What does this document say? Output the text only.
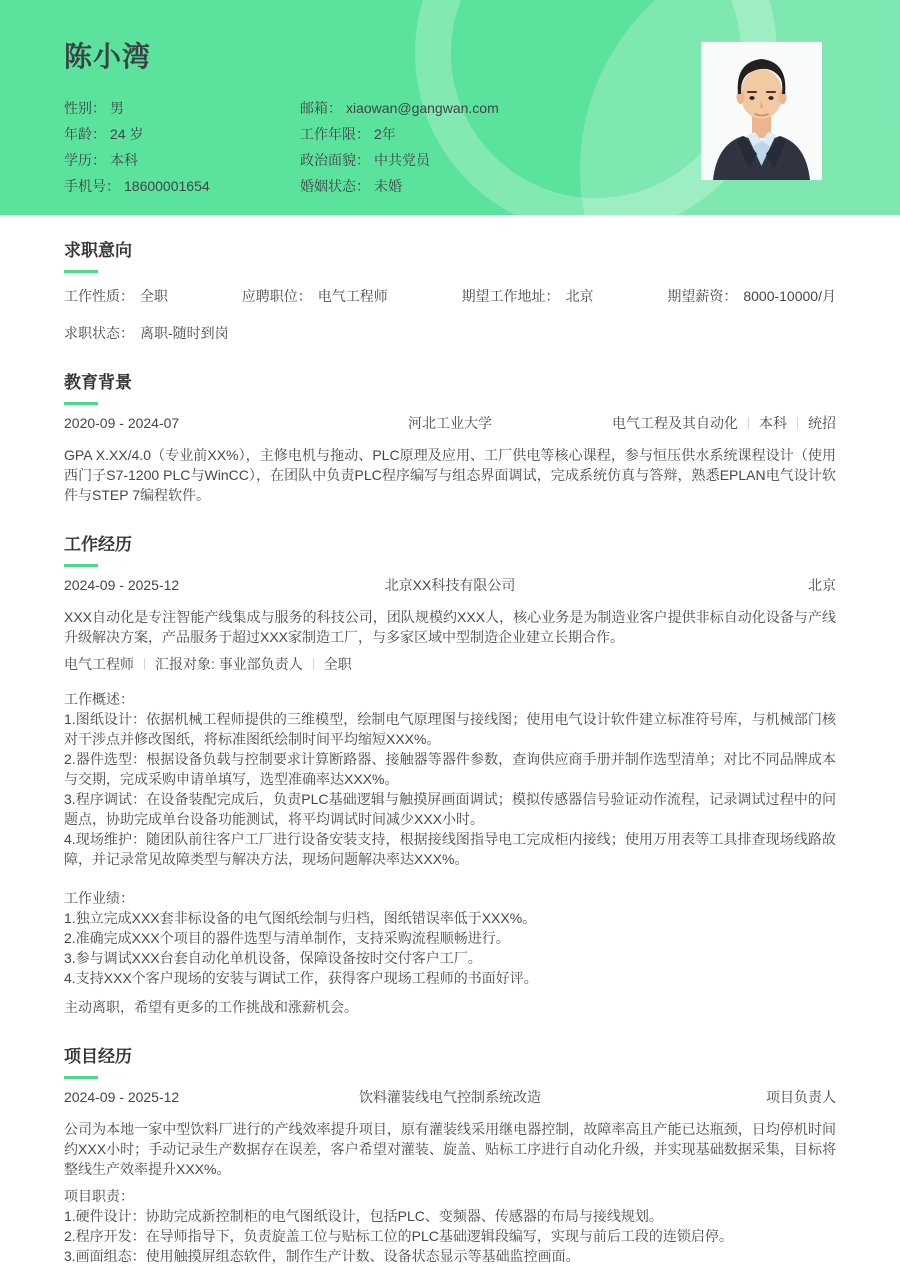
陈小湾
性别： 男
年龄： 24 岁
学历： 本科
手机号： 18600001654
邮箱： xiaowan@gangwan.com
工作年限： 2年
政治面貌： 中共党员
婚姻状态： 未婚
求职意向
工作性质： 全职	应聘职位： 电气工程师	期望工作地址： 北京	期望薪资： 8000-10000/月
求职状态： 离职-随时到岗
教育背景
2020-09 - 2024-07	河北工业大学	电气工程及其自动化 本科 统招
GPA X.XX/4.0（专业前XX%），主修电机与拖动、PLC原理及应用、工厂供电等核心课程，参与恒压供水系统课程设计（使用西门子S7-1200 PLC与WinCC），在团队中负责PLC程序编写与组态界面调试，完成系统仿真与答辩，熟悉EPLAN电气设计软件与STEP 7编程软件。
工作经历
2024-09 - 2025-12	北京XX科技有限公司	北京
XXX自动化是专注智能产线集成与服务的科技公司，团队规模约XXX人，核心业务是为制造业客户提供非标自动化设备与产线升级解决方案，产品服务于超过XXX家制造工厂，与多家区域中型制造企业建立长期合作。
电气工程师 汇报对象: 事业部负责人 全职
工作概述：
1.图纸设计：依据机械工程师提供的三维模型，绘制电气原理图与接线图；使用电气设计软件建立标准符号库，与机械部门核对干涉点并修改图纸，将标准图纸绘制时间平均缩短XXX%。
2.器件选型：根据设备负载与控制要求计算断路器、接触器等器件参数，查询供应商手册并制作选型清单；对比不同品牌成本与交期，完成采购申请单填写，选型准确率达XXX%。
3.程序调试：在设备装配完成后，负责PLC基础逻辑与触摸屏画面调试；模拟传感器信号验证动作流程，记录调试过程中的问题点，协助完成单台设备功能测试，将平均调试时间减少XXX小时。
4.现场维护：随团队前往客户工厂进行设备安装支持，根据接线图指导电工完成柜内接线；使用万用表等工具排查现场线路故障，并记录常见故障类型与解决方法，现场问题解决率达XXX%。
工作业绩：
1.独立完成XXX套非标设备的电气图纸绘制与归档，图纸错误率低于XXX%。
2.准确完成XXX个项目的器件选型与清单制作，支持采购流程顺畅进行。
3.参与调试XXX台套自动化单机设备，保障设备按时交付客户工厂。
4.支持XXX个客户现场的安装与调试工作，获得客户现场工程师的书面好评。
主动离职，希望有更多的工作挑战和涨薪机会。
项目经历
2024-09 - 2025-12	饮料灌装线电气控制系统改造	项目负责人
公司为本地一家中型饮料厂进行的产线效率提升项目，原有灌装线采用继电器控制，故障率高且产能已达瓶颈，日均停机时间约XXX小时；手动记录生产数据存在误差，客户希望对灌装、旋盖、贴标工序进行自动化升级，并实现基础数据采集，目标将整线生产效率提升XXX%。
项目职责：
1.硬件设计：协助完成新控制柜的电气图纸设计，包括PLC、变频器、传感器的布局与接线规划。
2.程序开发：在导师指导下，负责旋盖工位与贴标工位的PLC基础逻辑段编写，实现与前后工段的连锁启停。
3.画面组态：使用触摸屏组态软件，制作生产计数、设备状态显示等基础监控画面。
